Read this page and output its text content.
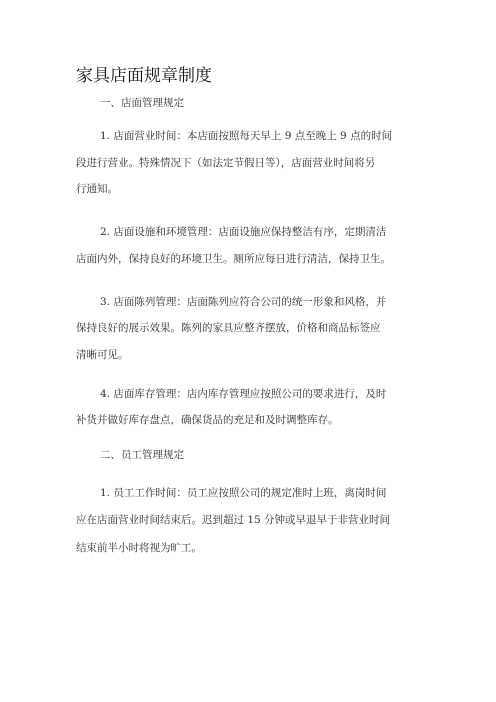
家具店面规章制度
一、店面管理规定
1. 店面营业时间：本店面按照每天早上 9 点至晚上 9 点的时间
段进行营业。特殊情况下（如法定节假日等），店面营业时间将另
行通知。
2. 店面设施和环境管理：店面设施应保持整洁有序，定期清洁
店面内外，保持良好的环境卫生。厕所应每日进行清洁，保持卫生。
3. 店面陈列管理：店面陈列应符合公司的统一形象和风格，并
保持良好的展示效果。陈列的家具应整齐摆放，价格和商品标签应
清晰可见。
4. 店面库存管理：店内库存管理应按照公司的要求进行，及时
补货并做好库存盘点，确保货品的充足和及时调整库存。
二、员工管理规定
1. 员工工作时间：员工应按照公司的规定准时上班，离岗时间
应在店面营业时间结束后。迟到超过 15 分钟或早退早于非营业时间
结束前半小时将视为旷工。
